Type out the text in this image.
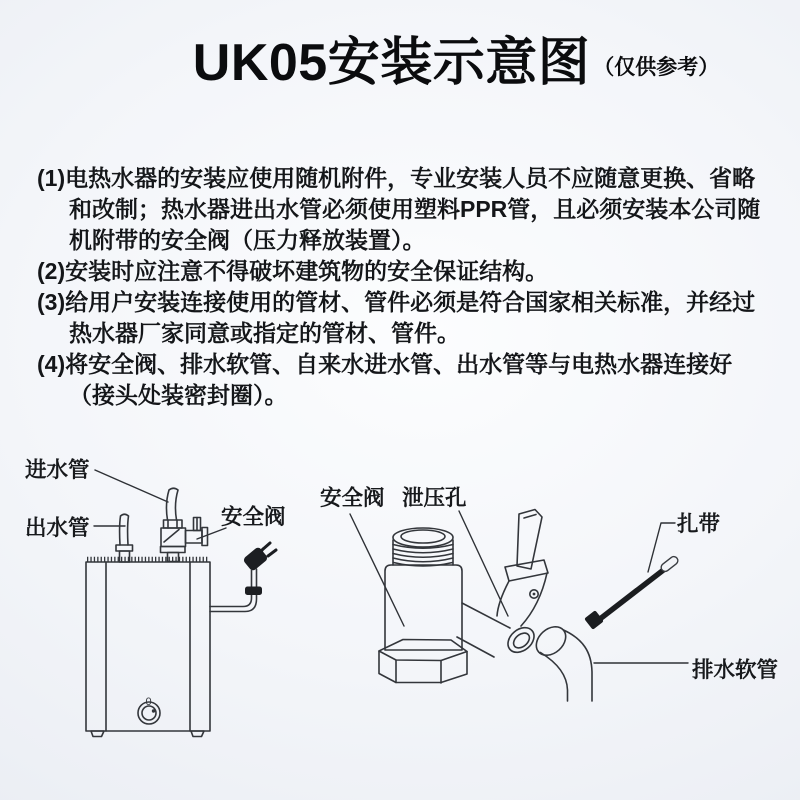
UK05安装示意图 （仅供参考）

(1)电热水器的安装应使用随机附件，专业安装人员不应随意更换、省略和改制；热水器进出水管必须使用塑料PPR管，且必须安装本公司随机附带的安全阀（压力释放装置）。

(2)安装时应注意不得破坏建筑物的安全保证结构。

(3)给用户安装连接使用的管材、管件必须是符合国家相关标准，并经过热水器厂家同意或指定的管材、管件。

(4)将安全阀、排水软管、自来水进水管、出水管等与电热水器连接好（接头处装密封圈）。

进水管
出水管	安全阀
0
安全阀 泄压孔
排水软管
扎带
